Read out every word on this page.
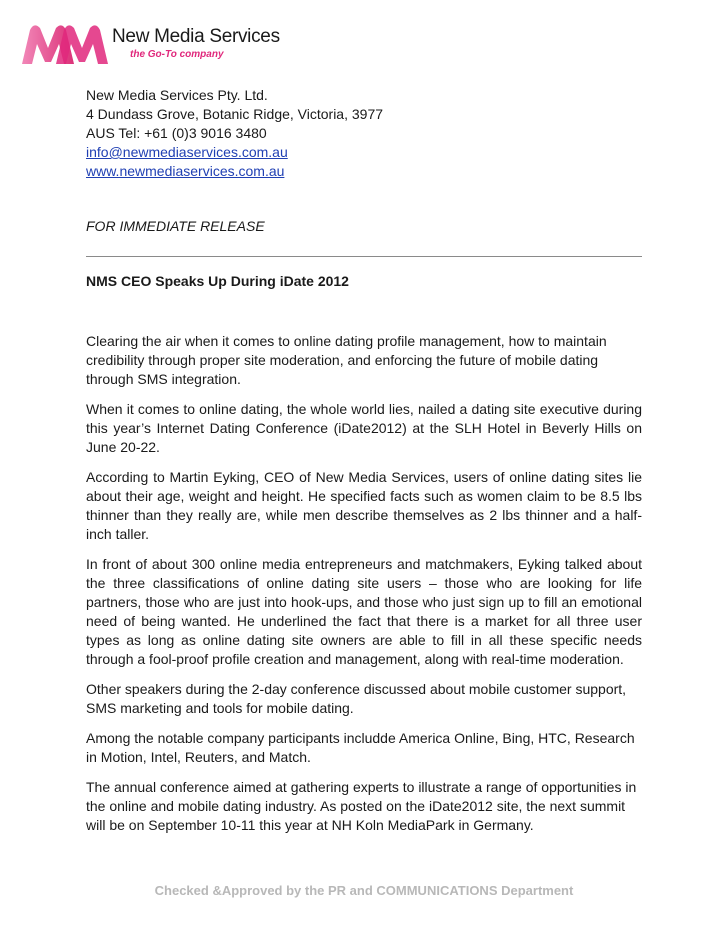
New Media Services
the Go-To company
New Media Services Pty. Ltd.
4 Dundass Grove, Botanic Ridge, Victoria, 3977
AUS Tel: +61 (0)3 9016 3480
info@newmediaservices.com.au
www.newmediaservices.com.au
FOR IMMEDIATE RELEASE
NMS CEO Speaks Up During iDate 2012

Clearing the air when it comes to online dating profile management, how to maintain credibility through proper site moderation, and enforcing the future of mobile dating through SMS integration.

When it comes to online dating, the whole world lies, nailed a dating site executive during this year’s Internet Dating Conference (iDate2012) at the SLH Hotel in Beverly Hills on June 20-22.

According to Martin Eyking, CEO of New Media Services, users of online dating sites lie about their age, weight and height. He specified facts such as women claim to be 8.5 lbs thinner than they really are, while men describe themselves as 2 lbs thinner and a half-inch taller.

In front of about 300 online media entrepreneurs and matchmakers, Eyking talked about the three classifications of online dating site users – those who are looking for life partners, those who are just into hook-ups, and those who just sign up to fill an emotional need of being wanted. He underlined the fact that there is a market for all three user types as long as online dating site owners are able to fill in all these specific needs through a fool-proof profile creation and management, along with real-time moderation.

Other speakers during the 2-day conference discussed about mobile customer support, SMS marketing and tools for mobile dating.

Among the notable company participants includde America Online, Bing, HTC, Research in Motion, Intel, Reuters, and Match.

The annual conference aimed at gathering experts to illustrate a range of opportunities in the online and mobile dating industry. As posted on the iDate2012 site, the next summit will be on September 10-11 this year at NH Koln MediaPark in Germany.

Checked &Approved by the PR and COMMUNICATIONS Department
